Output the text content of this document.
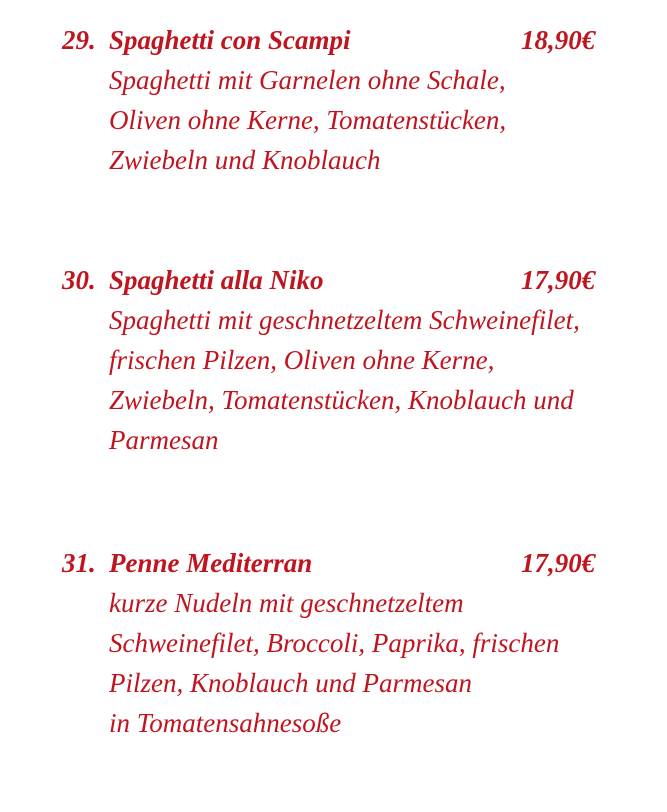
29. Spaghetti con Scampi	18,90€
Spaghetti mit Garnelen ohne Schale,
Oliven ohne Kerne, Tomatenstücken,
Zwiebeln und Knoblauch
30. Spaghetti alla Niko	17,90€
Spaghetti mit geschnetzeltem Schweinefilet,
frischen Pilzen, Oliven ohne Kerne,
Zwiebeln, Tomatenstücken, Knoblauch und
Parmesan
31. Penne Mediterran	17,90€
kurze Nudeln mit geschnetzeltem
Schweinefilet, Broccoli, Paprika, frischen
Pilzen, Knoblauch und Parmesan
in Tomatensahnesoße
